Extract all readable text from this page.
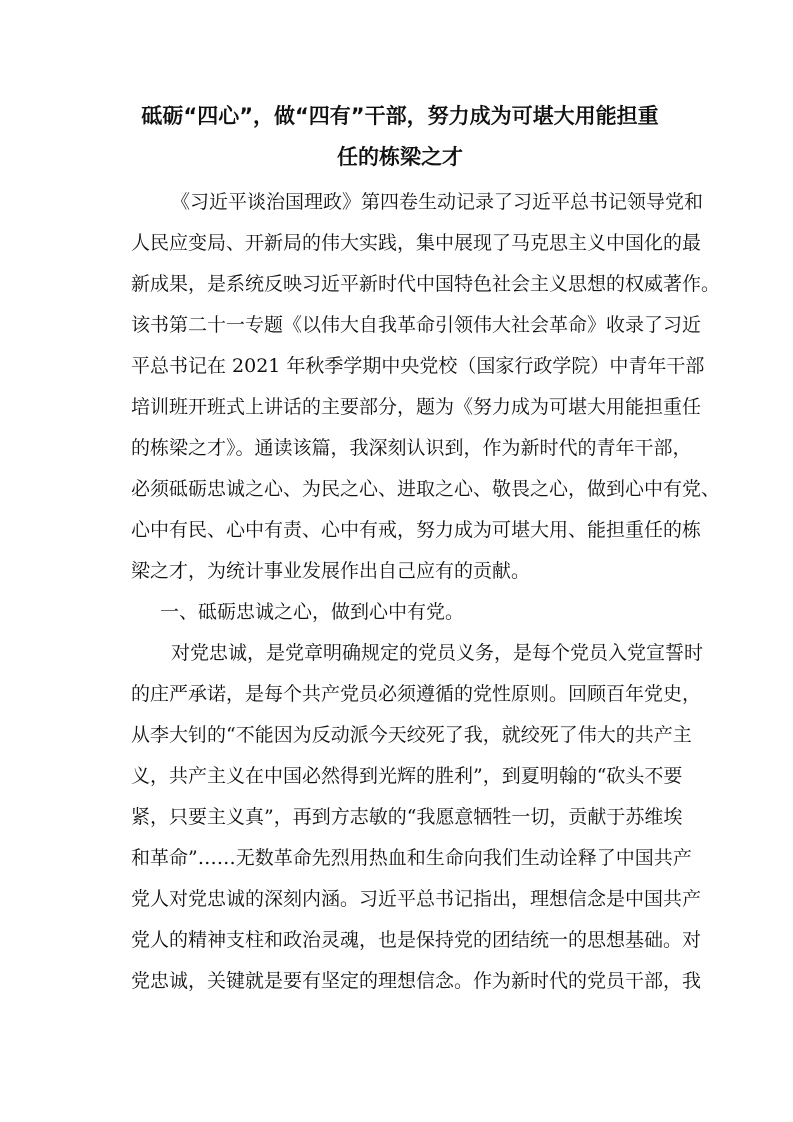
砥砺“四心”，做“四有”干部，努力成为可堪大用能担重
任的栋梁之才
《习近平谈治国理政》第四卷生动记录了习近平总书记领导党和
人民应变局、开新局的伟大实践，集中展现了马克思主义中国化的最
新成果，是系统反映习近平新时代中国特色社会主义思想的权威著作。
该书第二十一专题《以伟大自我革命引领伟大社会革命》收录了习近
平总书记在 2021 年秋季学期中央党校（国家行政学院）中青年干部
培训班开班式上讲话的主要部分，题为《努力成为可堪大用能担重任
的栋梁之才》。通读该篇，我深刻认识到，作为新时代的青年干部，
必须砥砺忠诚之心、为民之心、进取之心、敬畏之心，做到心中有党、
心中有民、心中有责、心中有戒，努力成为可堪大用、能担重任的栋
梁之才，为统计事业发展作出自己应有的贡献。
一、砥砺忠诚之心，做到心中有党。
对党忠诚，是党章明确规定的党员义务，是每个党员入党宣誓时
的庄严承诺，是每个共产党员必须遵循的党性原则。回顾百年党史，
从李大钊的“不能因为反动派今天绞死了我，就绞死了伟大的共产主
义，共产主义在中国必然得到光辉的胜利”，到夏明翰的“砍头不要
紧，只要主义真”，再到方志敏的“我愿意牺牲一切，贡献于苏维埃
和革命”……无数革命先烈用热血和生命向我们生动诠释了中国共产
党人对党忠诚的深刻内涵。习近平总书记指出，理想信念是中国共产
党人的精神支柱和政治灵魂，也是保持党的团结统一的思想基础。对
党忠诚，关键就是要有坚定的理想信念。作为新时代的党员干部，我
